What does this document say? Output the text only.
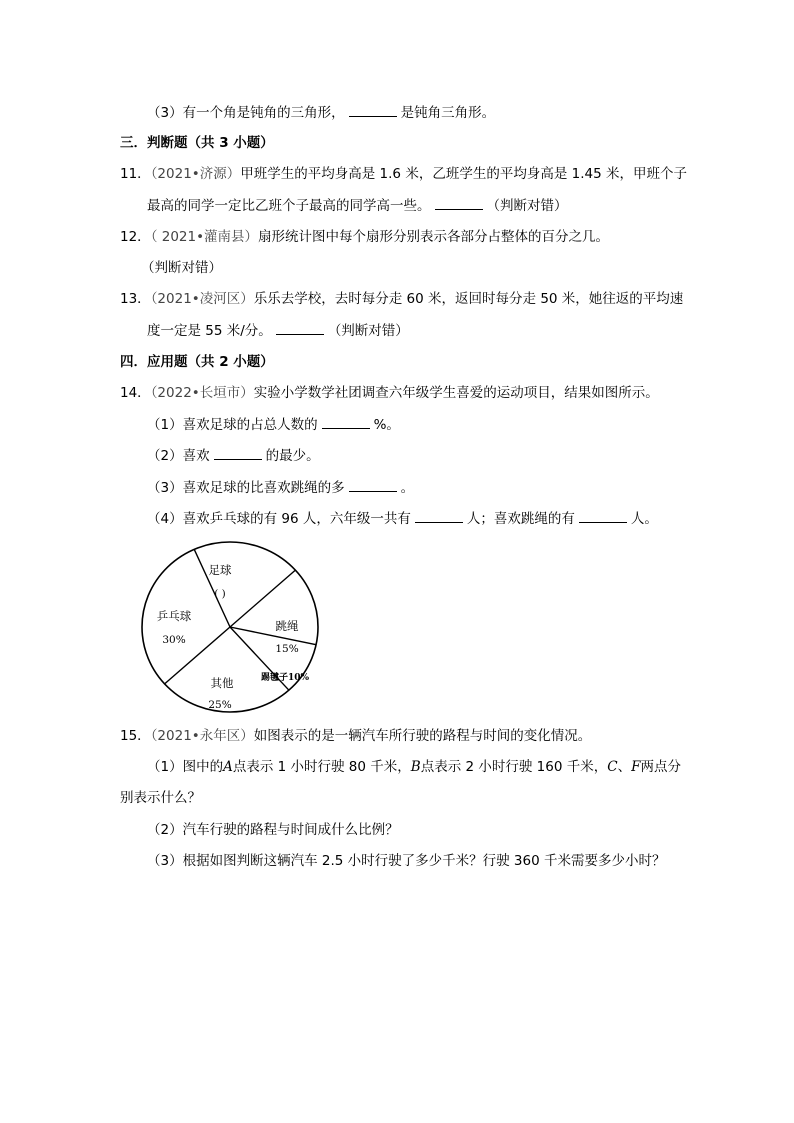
（3）有一个角是钝角的三角形，	是钝角三角形。
三．判断题（共 3 小题）
11．（2021•济源）甲班学生的平均身高是 1.6 米，乙班学生的平均身高是 1.45 米，甲班个子
最高的同学一定比乙班个子最高的同学高一些。	（判断对错）
12．（ 2021•灌南县）扇形统计图中每个扇形分别表示各部分占整体的百分之几。
（判断对错）
13．（2021•凌河区）乐乐去学校，去时每分走 60 米，返回时每分走 50 米，她往返的平均速
度一定是 55 米/分。	（判断对错）
四．应用题（共 2 小题）
14．（2022•长垣市）实验小学数学社团调查六年级学生喜爱的运动项目，结果如图所示。
（1）喜欢足球的占总人数的	%。
（2）喜欢	的最少。
（3）喜欢足球的比喜欢跳绳的多	。
（4）喜欢乒乓球的有 96 人，六年级一共有	人；喜欢跳绳的有	人。
足球
( )
跳绳
15%
踢毽子10%
其他
25%
乒乓球
30%
15．（2021•永年区）如图表示的是一辆汽车所行驶的路程与时间的变化情况。
（1）图中的A点表示 1 小时行驶 80 千米，B点表示 2 小时行驶 160 千米，C、F两点分
别表示什么？
（2）汽车行驶的路程与时间成什么比例？
（3）根据如图判断这辆汽车 2.5 小时行驶了多少千米？行驶 360 千米需要多少小时？
